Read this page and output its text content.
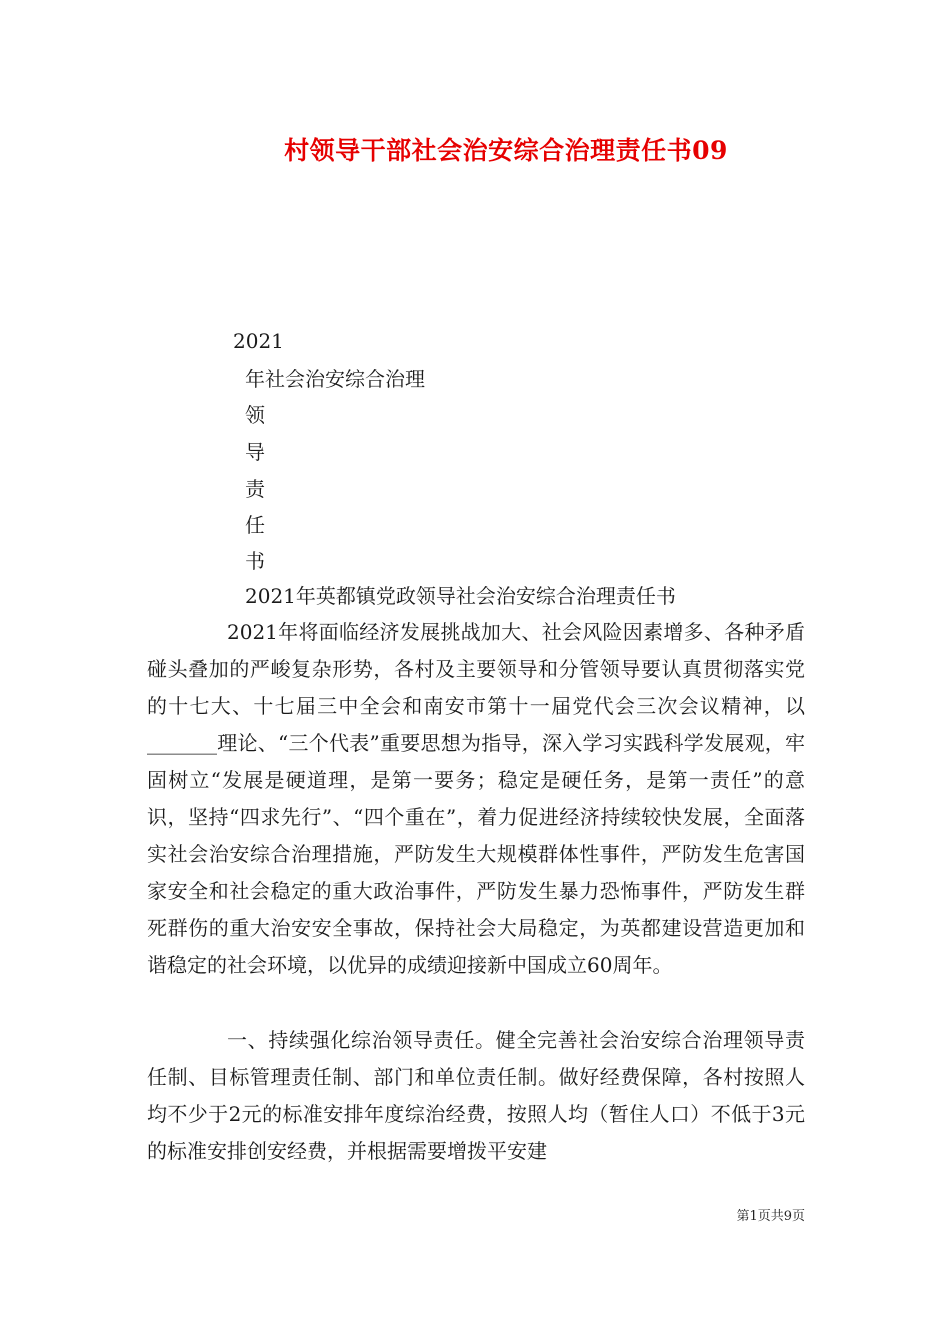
村领导干部社会治安综合治理责任书09
2021
年社会治安综合治理
领
导
责
任
书
2021年英都镇党政领导社会治安综合治理责任书
2021年将面临经济发展挑战加大、社会风险因素增多、各种矛盾碰头叠加的严峻复杂形势，各村及主要领导和分管领导要认真贯彻落实党的十七大、十七届三中全会和南安市第十一届党代会三次会议精神，以_______理论、“三个代表”重要思想为指导，深入学习实践科学发展观，牢固树立“发展是硬道理，是第一要务；稳定是硬任务，是第一责任”的意识，坚持“四求先行”、“四个重在”，着力促进经济持续较快发展，全面落实社会治安综合治理措施，严防发生大规模群体性事件，严防发生危害国家安全和社会稳定的重大政治事件，严防发生暴力恐怖事件，严防发生群死群伤的重大治安安全事故，保持社会大局稳定，为英都建设营造更加和谐稳定的社会环境，以优异的成绩迎接新中国成立60周年。
一、持续强化综治领导责任。健全完善社会治安综合治理领导责任制、目标管理责任制、部门和单位责任制。做好经费保障，各村按照人均不少于2元的标准安排年度综治经费，按照人均（暂住人口）不低于3元的标准安排创安经费，并根据需要增拨平安建
第1页共9页
